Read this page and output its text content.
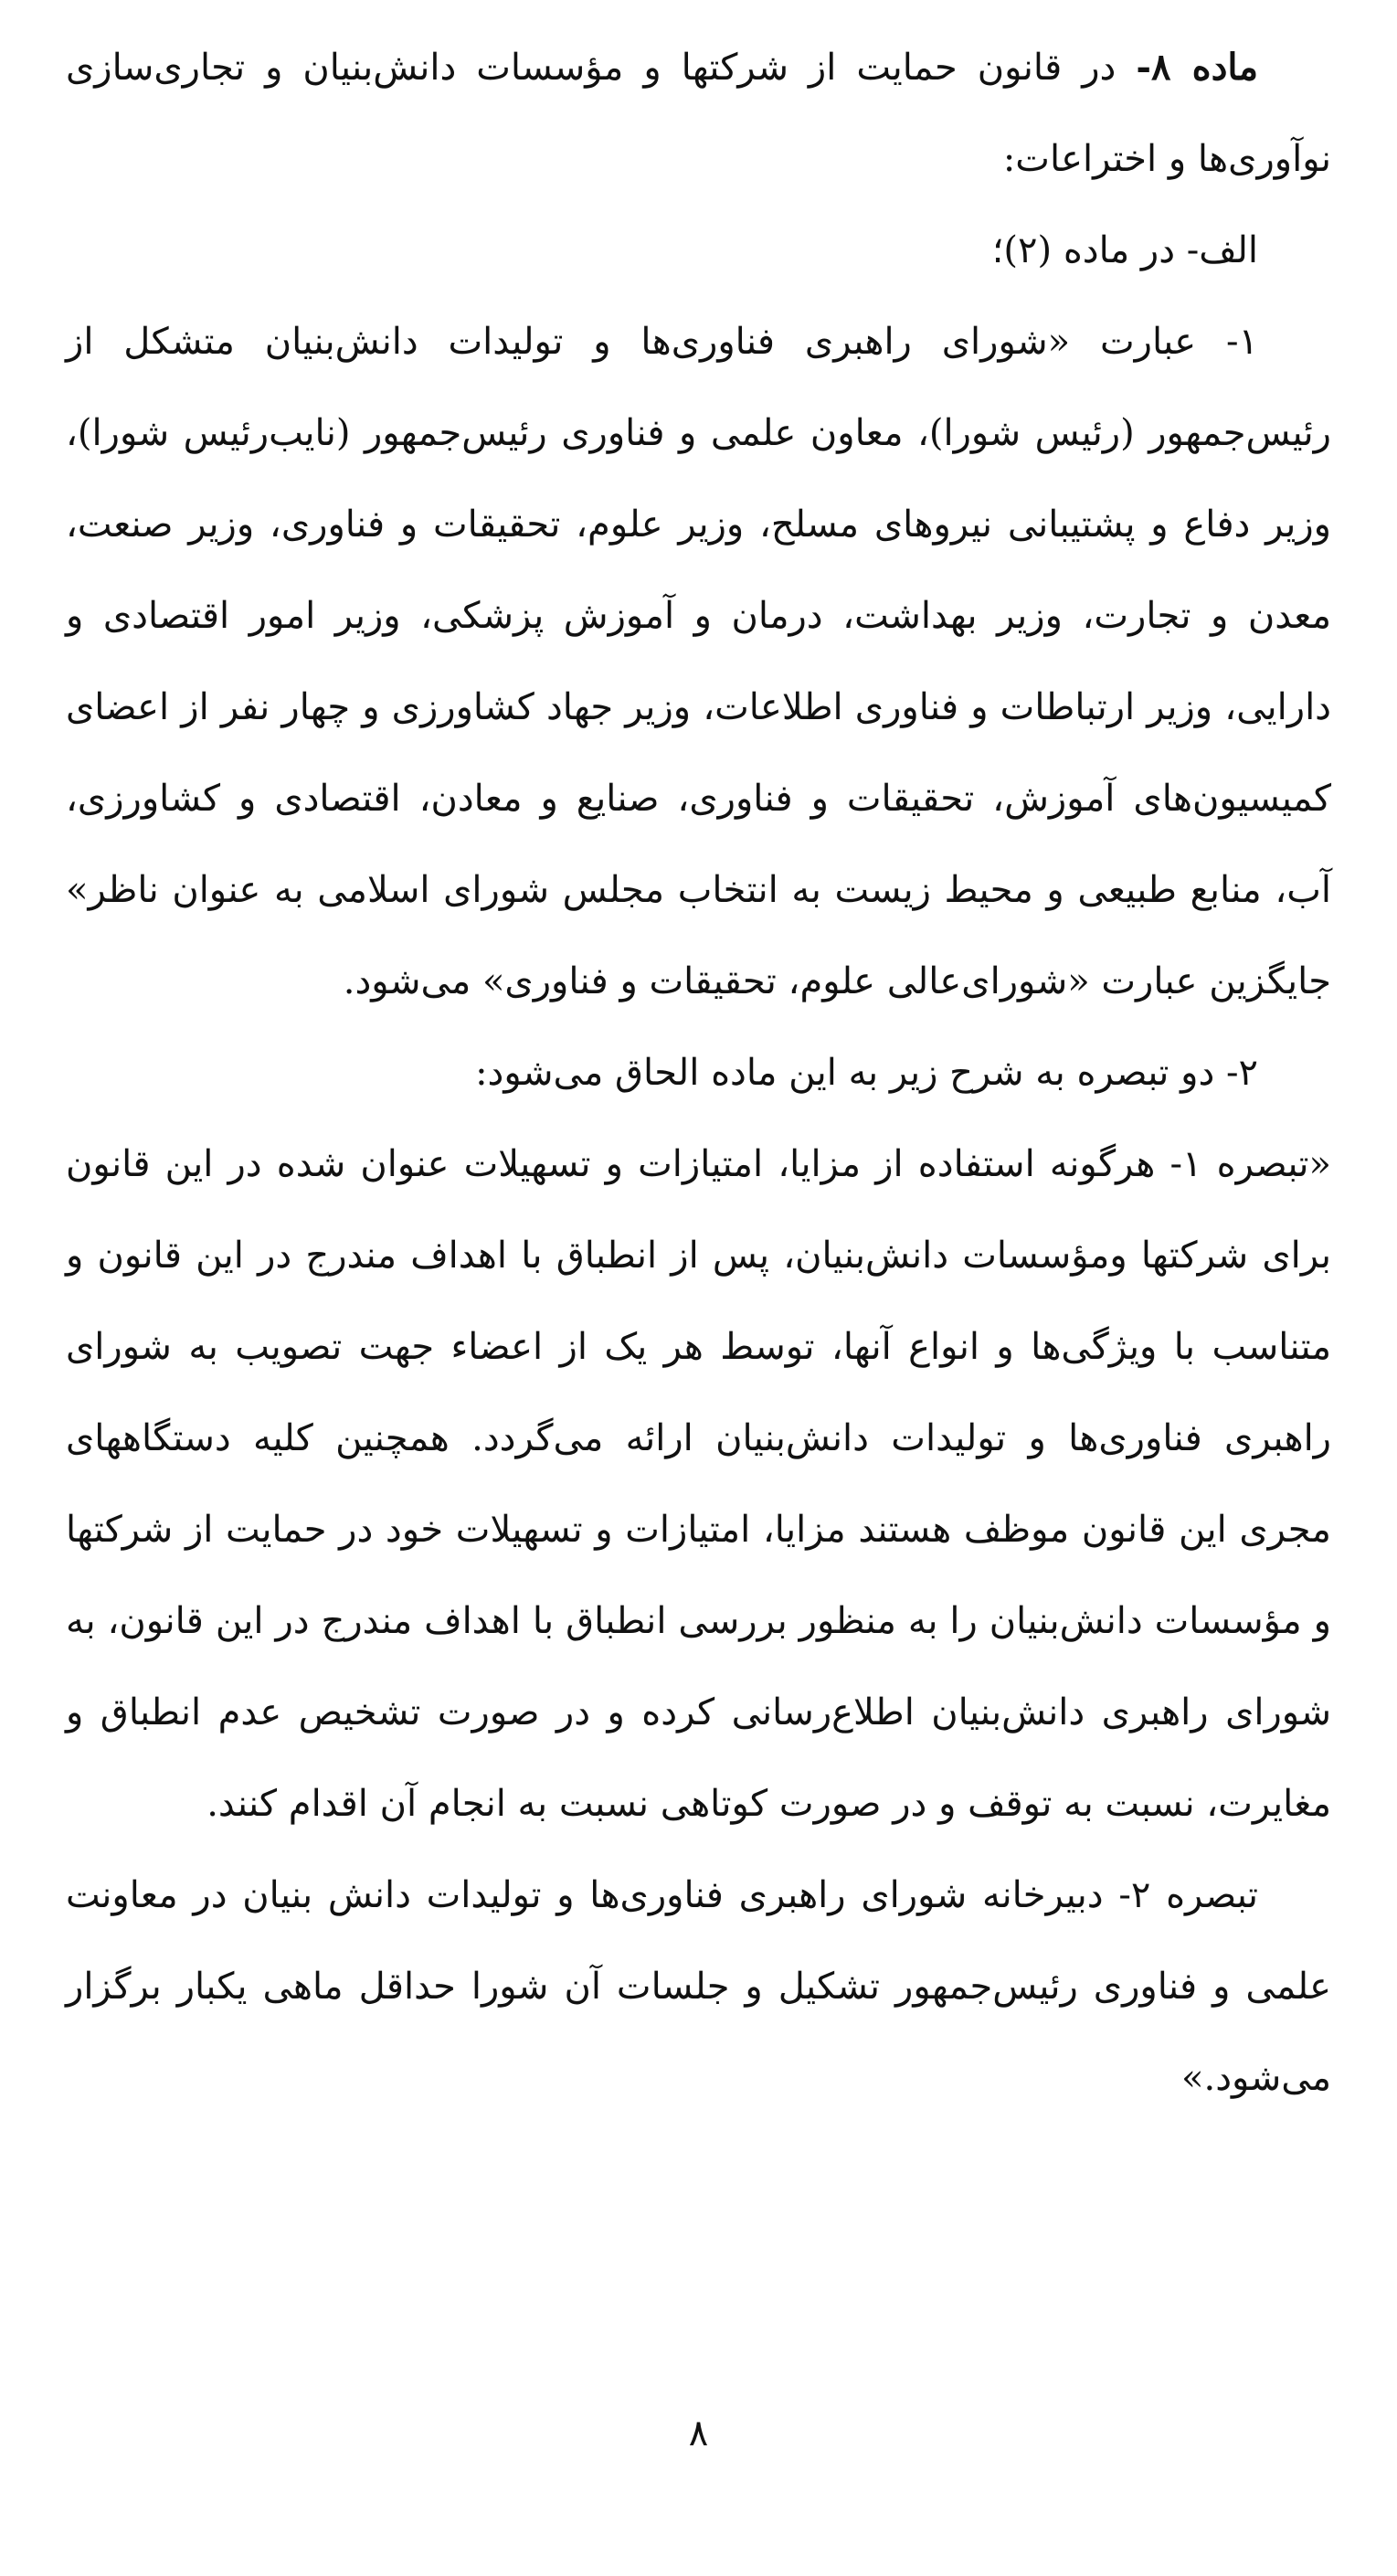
ماده ۸- در قانون حمایت از شرکتها و مؤسسات دانش‌بنیان و تجاری‌سازی نوآوری‌ها و اختراعات:

الف- در ماده (۲)؛

۱- عبارت «شورای راهبری فناوری‌ها و تولیدات دانش‌بنیان متشکل از رئیس‌جمهور (رئیس شورا)، معاون علمی و فناوری رئیس‌جمهور (نایب‌رئیس شورا)، وزیر دفاع و پشتیبانی نیروهای مسلح، وزیر علوم، تحقیقات و فناوری، وزیر صنعت، معدن و تجارت، وزیر بهداشت، درمان و آموزش پزشکی، وزیر امور اقتصادی و دارایی، وزیر ارتباطات و فناوری اطلاعات، وزیر جهاد کشاورزی و چهار نفر از اعضای کمیسیون‌های آموزش، تحقیقات و فناوری، صنایع و معادن، اقتصادی و کشاورزی، آب، منابع طبیعی و محیط زیست به انتخاب مجلس شورای اسلامی به عنوان ناظر» جایگزین عبارت «شورای‌عالی علوم، تحقیقات و فناوری» می‌شود.

۲- دو تبصره به شرح زیر به این ماده الحاق می‌شود:

«تبصره ۱- هرگونه استفاده از مزایا، امتیازات و تسهیلات عنوان شده در این قانون برای شرکتها ومؤسسات دانش‌بنیان، پس از انطباق با اهداف مندرج در این قانون و متناسب با ویژگی‌ها و انواع آنها، توسط هر یک از اعضاء جهت تصویب به شورای راهبری فناوری‌ها و تولیدات دانش‌بنیان ارائه می‌گردد. همچنین کلیه دستگاههای مجری این قانون موظف هستند مزایا، امتیازات و تسهیلات خود در حمایت از شرکتها و مؤسسات دانش‌بنیان را به منظور بررسی انطباق با اهداف مندرج در این قانون، به شورای راهبری دانش‌بنیان اطلاع‌رسانی کرده و در صورت تشخیص عدم انطباق و مغایرت، نسبت به توقف و در صورت کوتاهی نسبت به انجام آن اقدام کنند.

تبصره ۲- دبیرخانه شورای راهبری فناوری‌ها و تولیدات دانش بنیان در معاونت علمی و فناوری رئیس‌جمهور تشکیل و جلسات آن شورا حداقل ماهی یکبار برگزار می‌شود.»

۸
